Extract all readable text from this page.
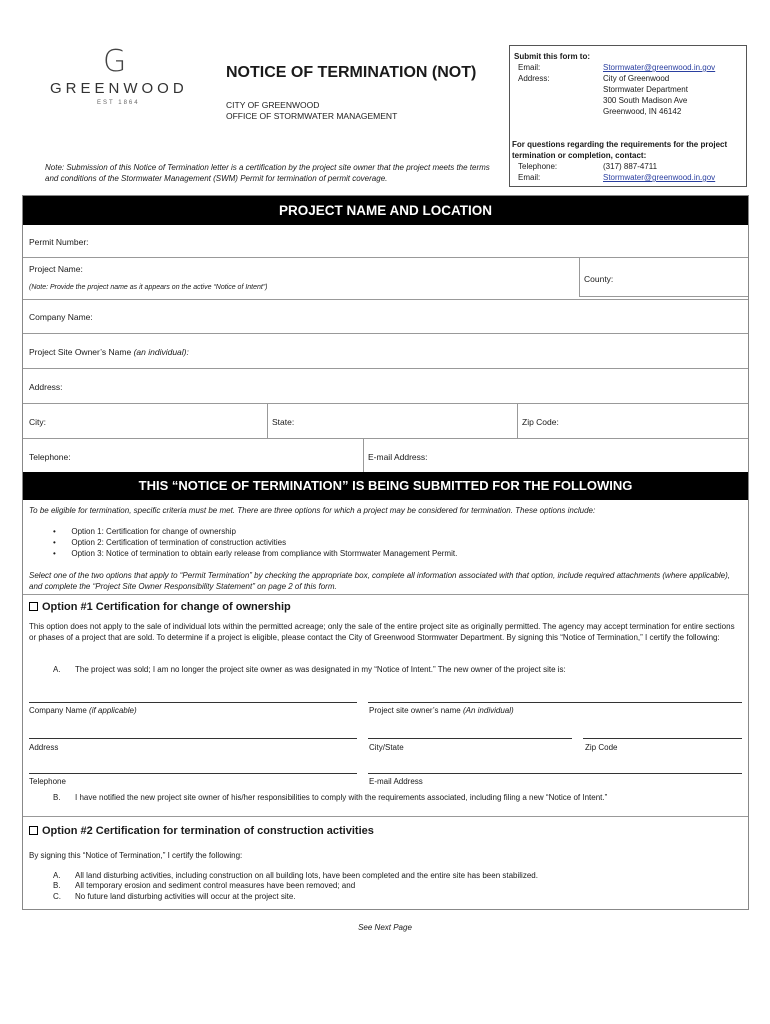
G
GREENWOOD
EST 1864
NOTICE OF TERMINATION (NOT)
CITY OF GREENWOOD
OFFICE OF STORMWATER MANAGEMENT
Note: Submission of this Notice of Termination letter is a certification by the project site owner that the project meets the terms and conditions of the Stormwater Management (SWM) Permit for termination of permit coverage.
Submit this form to:
Email:	Stormwater@greenwood.in.gov
Address:	City of Greenwood
Stormwater Department
300 South Madison Ave
Greenwood, IN 46142
For questions regarding the requirements for the project termination or completion, contact:
Telephone:	(317) 887-4711
Email:	Stormwater@greenwood.in.gov
PROJECT NAME AND LOCATION
Permit Number:
Project Name:
(Note: Provide the project name as it appears on the active “Notice of Intent”)
County:
Company Name:
Project Site Owner’s Name (an individual):
Address:
City:	State:	Zip Code:
Telephone:	E-mail Address:
THIS “NOTICE OF TERMINATION” IS BEING SUBMITTED FOR THE FOLLOWING
To be eligible for termination, specific criteria must be met. There are three options for which a project may be considered for termination. These options include:
•       Option 1: Certification for change of ownership
•       Option 2: Certification of termination of construction activities
•       Option 3: Notice of termination to obtain early release from compliance with Stormwater Management Permit.
Select one of the two options that apply to “Permit Termination” by checking the appropriate box, complete all information associated with that option, include required attachments (where applicable), and complete the “Project Site Owner Responsibility Statement” on page 2 of this form.
Option #1 Certification for change of ownership
This option does not apply to the sale of individual lots within the permitted acreage; only the sale of the entire project site as originally permitted. The agency may accept termination for entire sections or phases of a project that are sold. To determine if a project is eligible, please contact the City of Greenwood Stormwater Department. By signing this “Notice of Termination,” I certify the following:
A. The project was sold; I am no longer the project site owner as was designated in my “Notice of Intent.” The new owner of the project site is:
Company Name (if applicable)	Project site owner’s name (An individual)
Address	City/State	Zip Code
Telephone	E-mail Address
B. I have notified the new project site owner of his/her responsibilities to comply with the requirements associated, including filing a new “Notice of Intent.”
Option #2 Certification for termination of construction activities
By signing this “Notice of Termination,” I certify the following:
A. All land disturbing activities, including construction on all building lots, have been completed and the entire site has been stabilized.
B. All temporary erosion and sediment control measures have been removed; and
C. No future land disturbing activities will occur at the project site.
See Next Page
